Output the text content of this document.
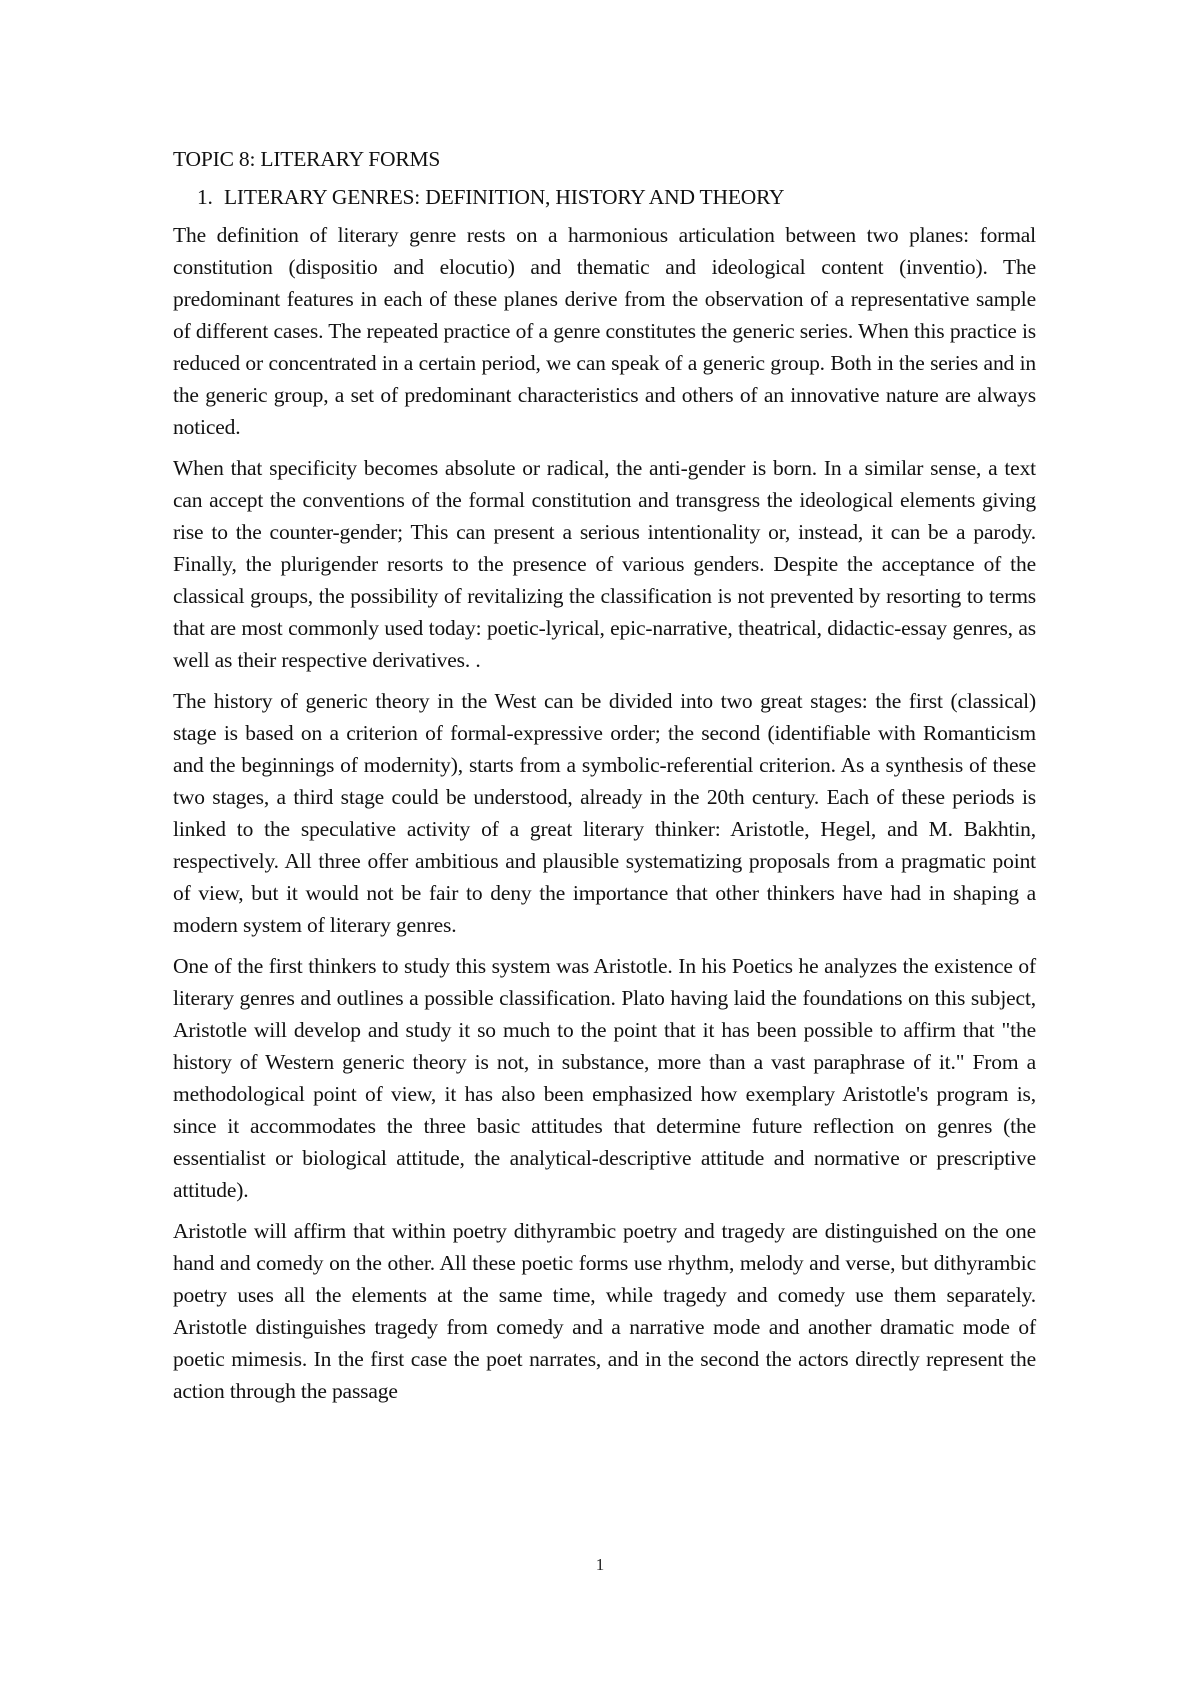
TOPIC 8: LITERARY FORMS
1. LITERARY GENRES: DEFINITION, HISTORY AND THEORY

The definition of literary genre rests on a harmonious articulation between two planes: formal constitution (dispositio and elocutio) and thematic and ideological content (inventio). The predominant features in each of these planes derive from the observation of a representative sample of different cases. The repeated practice of a genre constitutes the generic series. When this practice is reduced or concentrated in a certain period, we can speak of a generic group. Both in the series and in the generic group, a set of predominant characteristics and others of an innovative nature are always noticed.

When that specificity becomes absolute or radical, the anti-gender is born. In a similar sense, a text can accept the conventions of the formal constitution and transgress the ideological elements giving rise to the counter-gender; This can present a serious intentionality or, instead, it can be a parody. Finally, the plurigender resorts to the presence of various genders. Despite the acceptance of the classical groups, the possibility of revitalizing the classification is not prevented by resorting to terms that are most commonly used today: poetic-lyrical, epic-narrative, theatrical, didactic-essay genres, as well as their respective derivatives. .

The history of generic theory in the West can be divided into two great stages: the first (classical) stage is based on a criterion of formal-expressive order; the second (identifiable with Romanticism and the beginnings of modernity), starts from a symbolic-referential criterion. As a synthesis of these two stages, a third stage could be understood, already in the 20th century. Each of these periods is linked to the speculative activity of a great literary thinker: Aristotle, Hegel, and M. Bakhtin, respectively. All three offer ambitious and plausible systematizing proposals from a pragmatic point of view, but it would not be fair to deny the importance that other thinkers have had in shaping a modern system of literary genres.

One of the first thinkers to study this system was Aristotle. In his Poetics he analyzes the existence of literary genres and outlines a possible classification. Plato having laid the foundations on this subject, Aristotle will develop and study it so much to the point that it has been possible to affirm that "the history of Western generic theory is not, in substance, more than a vast paraphrase of it." From a methodological point of view, it has also been emphasized how exemplary Aristotle's program is, since it accommodates the three basic attitudes that determine future reflection on genres (the essentialist or biological attitude, the analytical-descriptive attitude and normative or prescriptive attitude).

Aristotle will affirm that within poetry dithyrambic poetry and tragedy are distinguished on the one hand and comedy on the other. All these poetic forms use rhythm, melody and verse, but dithyrambic poetry uses all the elements at the same time, while tragedy and comedy use them separately. Aristotle distinguishes tragedy from comedy and a narrative mode and another dramatic mode of poetic mimesis. In the first case the poet narrates, and in the second the actors directly represent the action through the passage

1
